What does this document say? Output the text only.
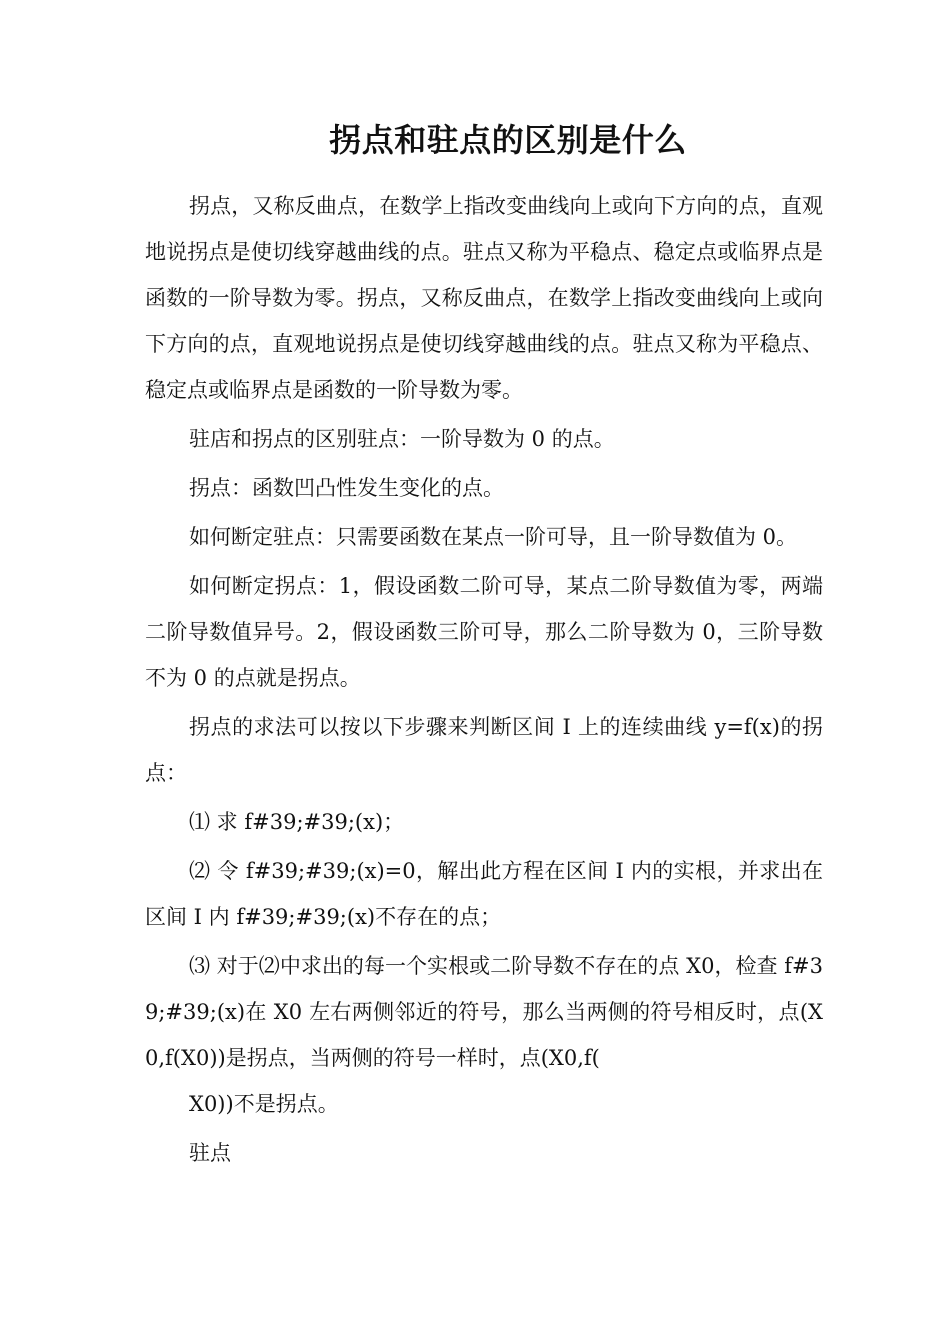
拐点和驻点的区别是什么

拐点，又称反曲点，在数学上指改变曲线向上或向下方向的点，直观地说拐点是使切线穿越曲线的点。驻点又称为平稳点、稳定点或临界点是函数的一阶导数为零。拐点，又称反曲点，在数学上指改变曲线向上或向下方向的点，直观地说拐点是使切线穿越曲线的点。驻点又称为平稳点、稳定点或临界点是函数的一阶导数为零。

驻店和拐点的区别驻点：一阶导数为 0 的点。

拐点：函数凹凸性发生变化的点。

如何断定驻点：只需要函数在某点一阶可导，且一阶导数值为 0。

如何断定拐点：1，假设函数二阶可导，某点二阶导数值为零，两端二阶导数值异号。2，假设函数三阶可导，那么二阶导数为 0，三阶导数不为 0 的点就是拐点。

拐点的求法可以按以下步骤来判断区间 I 上的连续曲线 y=f(x)的拐点：

⑴ 求 f#39;#39;(x)；

⑵ 令 f#39;#39;(x)=0，解出此方程在区间 I 内的实根，并求出在区间 I 内 f#39;#39;(x)不存在的点；

⑶ 对于⑵中求出的每一个实根或二阶导数不存在的点 X0，检查 f#39;#39;(x)在 X0 左右两侧邻近的符号，那么当两侧的符号相反时，点(X0,f(X0))是拐点，当两侧的符号一样时，点(X0,f(

X0))不是拐点。

驻点
